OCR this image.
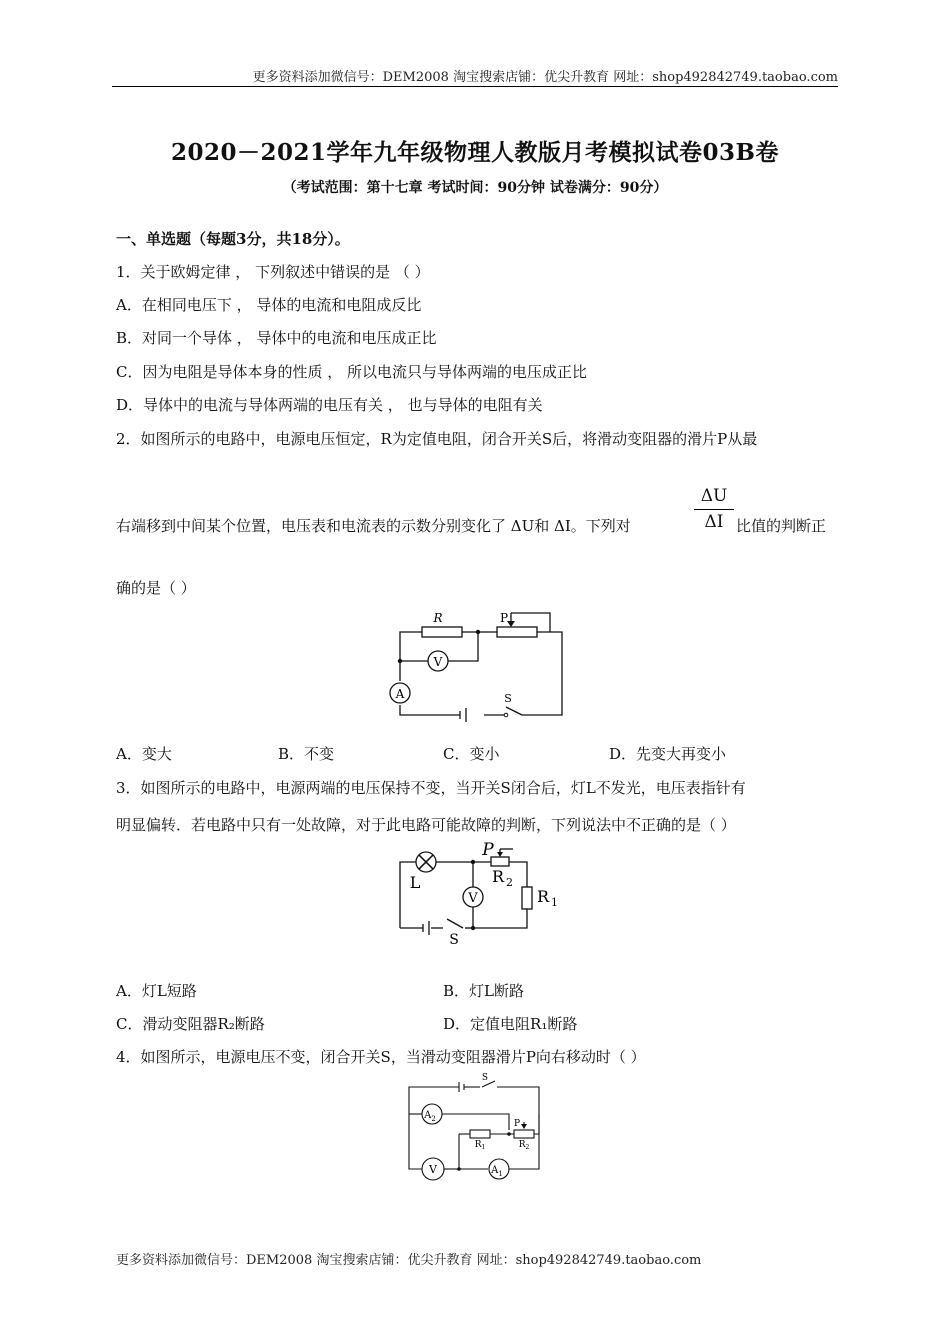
更多资料添加微信号：DEM2008 淘宝搜索店铺：优尖升教育 网址：shop492842749.taobao.com
2020－2021学年九年级物理人教版月考模拟试卷03B卷
（考试范围：第十七章 考试时间：90分钟 试卷满分：90分）
一、单选题（每题3分，共18分）。
1．关于欧姆定律 ， 下列叙述中错误的是 （ ）
A．在相同电压下 ， 导体的电流和电阻成反比
B．对同一个导体 ， 导体中的电流和电压成正比
C．因为电阻是导体本身的性质 ， 所以电流只与导体两端的电压成正比
D．导体中的电流与导体两端的电压有关 ， 也与导体的电阻有关
2．如图所示的电路中，电源电压恒定，R为定值电阻，闭合开关S后，将滑动变阻器的滑片P从最
右端移到中间某个位置，电压表和电流表的示数分别变化了 ΔU和 ΔI。下列对
ΔU
ΔI 比值的判断正
确的是（ ）
R	P
V
A	S
A．变大	B．不变	C．变小	D．先变大再变小
3．如图所示的电路中，电源两端的电压保持不变，当开关S闭合后，灯L不发光，电压表指针有
明显偏转．若电路中只有一处故障，对于此电路可能故障的判断，下列说法中不正确的是（ ）
P
L	R $_2$
R $_1$
V
S
A．灯L短路	B．灯L断路
C．滑动变阻器R₂断路	D．定值电阻R₁断路
4．如图所示，电源电压不变，闭合开关S，当滑动变阻器滑片P向右移动时（ ）
S
$A_2$
$A_1$
V
P
$R_1$	$R_2$
更多资料添加微信号：DEM2008 淘宝搜索店铺：优尖升教育 网址：shop492842749.taobao.com
